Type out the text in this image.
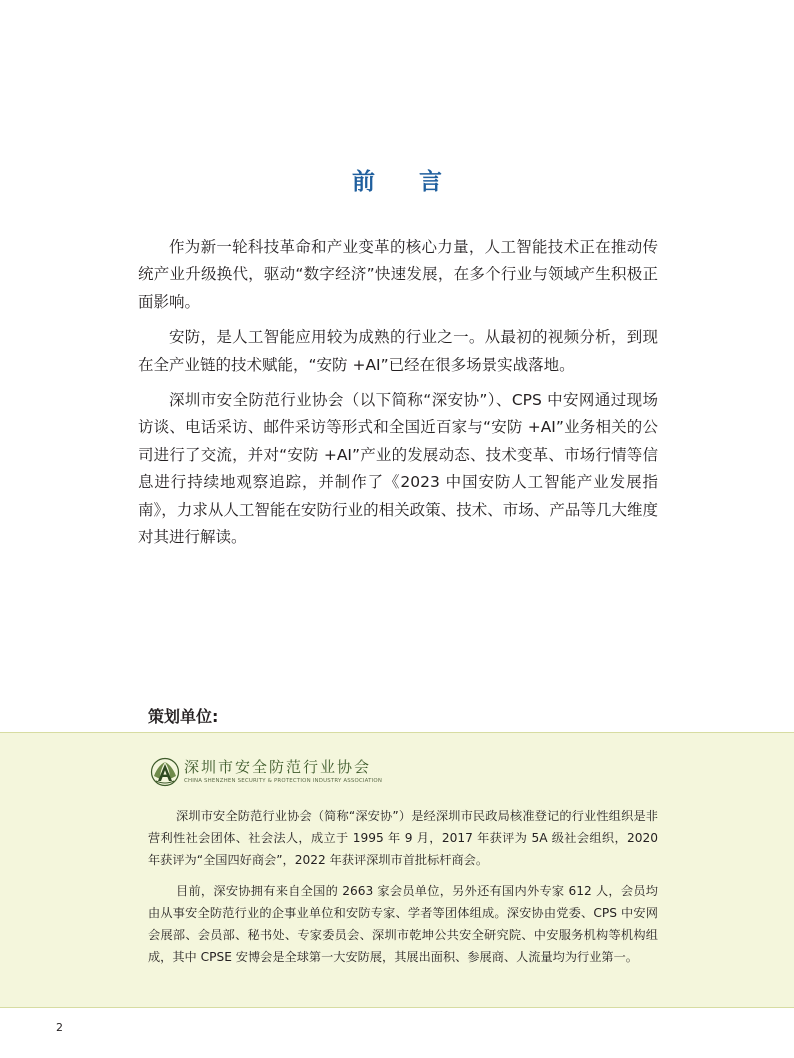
前 言

作为新一轮科技革命和产业变革的核心力量，人工智能技术正在推动传统产业升级换代，驱动“数字经济”快速发展，在多个行业与领域产生积极正面影响。

安防，是人工智能应用较为成熟的行业之一。从最初的视频分析，到现在全产业链的技术赋能，“安防 +AI”已经在很多场景实战落地。

深圳市安全防范行业协会（以下简称“深安协”）、CPS 中安网通过现场访谈、电话采访、邮件采访等形式和全国近百家与“安防 +AI”业务相关的公司进行了交流，并对“安防 +AI”产业的发展动态、技术变革、市场行情等信息进行持续地观察追踪，并制作了《2023 中国安防人工智能产业发展指南》，力求从人工智能在安防行业的相关政策、技术、市场、产品等几大维度对其进行解读。

策划单位:
深圳市安全防范行业协会
CHINA SHENZHEN SECURITY & PROTECTION INDUSTRY ASSOCIATION

深圳市安全防范行业协会（简称“深安协”）是经深圳市民政局核准登记的行业性组织是非营利性社会团体、社会法人，成立于 1995 年 9 月，2017 年获评为 5A 级社会组织，2020 年获评为“全国四好商会”，2022 年获评深圳市首批标杆商会。

目前，深安协拥有来自全国的 2663 家会员单位，另外还有国内外专家 612 人，会员均由从事安全防范行业的企事业单位和安防专家、学者等团体组成。深安协由党委、CPS 中安网会展部、会员部、秘书处、专家委员会、深圳市乾坤公共安全研究院、中安服务机构等机构组成，其中 CPSE 安博会是全球第一大安防展，其展出面积、参展商、人流量均为行业第一。

2
